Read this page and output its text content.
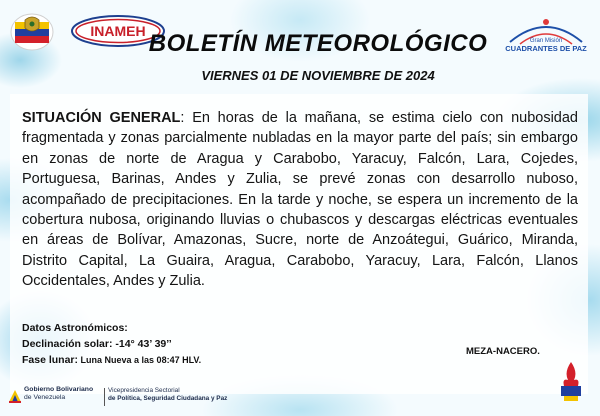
INAMEH
Gran Misión
CUADRANTES DE PAZ
BOLETÍN METEOROLÓGICO
VIERNES 01 DE NOVIEMBRE DE 2024
SITUACIÓN GENERAL: En horas de la mañana, se estima cielo con nubosidad fragmentada y zonas parcialmente nubladas en la mayor parte del país; sin embargo en zonas de norte de Aragua y Carabobo, Yaracuy, Falcón, Lara, Cojedes, Portuguesa, Barinas, Andes y Zulia, se prevé zonas con desarrollo nuboso, acompañado de precipitaciones. En la tarde y noche, se espera un incremento de la cobertura nubosa, originando lluvias o chubascos y descargas eléctricas eventuales en áreas de Bolívar, Amazonas, Sucre, norte de Anzoátegui, Guárico, Miranda, Distrito Capital, La Guaira, Aragua, Carabobo, Yaracuy, Lara, Falcón, Llanos Occidentales, Andes y Zulia.
Datos Astronómicos:
Declinación solar: -14° 43’ 39’’
Fase lunar: Luna Nueva a las 08:47 HLV.
MEZA-NACERO.
Gobierno Bolivariano
de Venezuela
Vicepresidencia Sectorial
de Política, Seguridad Ciudadana y Paz
